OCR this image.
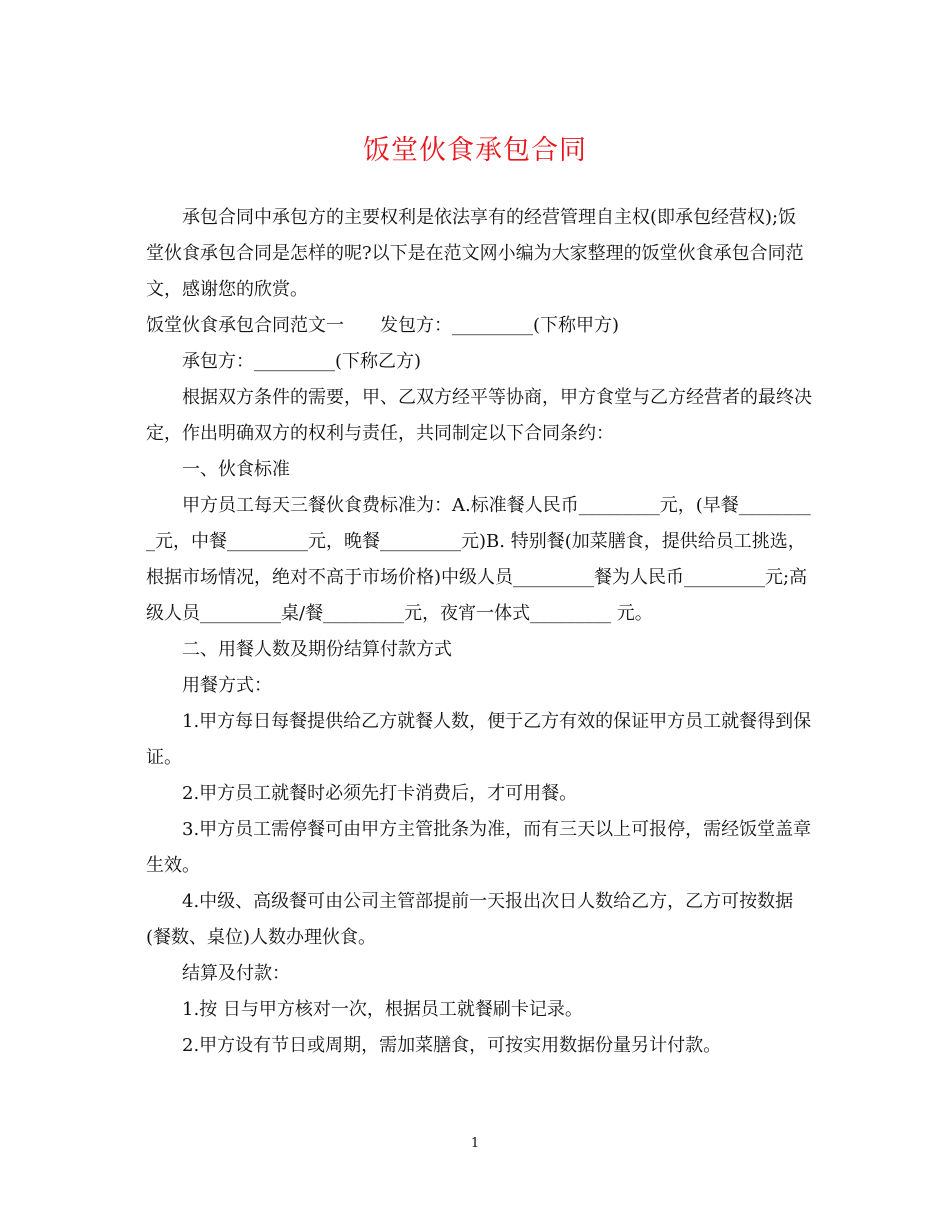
饭堂伙食承包合同

承包合同中承包方的主要权利是依法享有的经营管理自主权(即承包经营权);饭堂伙食承包合同是怎样的呢?以下是在范文网小编为大家整理的饭堂伙食承包合同范文，感谢您的欣赏。

饭堂伙食承包合同范文一　　发包方：_________(下称甲方)

承包方：_________(下称乙方)

根据双方条件的需要，甲、乙双方经平等协商，甲方食堂与乙方经营者的最终决定，作出明确双方的权利与责任，共同制定以下合同条约：

一、伙食标准

甲方员工每天三餐伙食费标准为：A.标准餐人民币_________元，(早餐_________元，中餐_________元，晚餐_________元)B. 特别餐(加菜膳食，提供给员工挑选，根据市场情况，绝对不高于市场价格)中级人员_________餐为人民币_________元;高级人员_________桌/餐_________元，夜宵一体式_________ 元。

二、用餐人数及期份结算付款方式

用餐方式：

1.甲方每日每餐提供给乙方就餐人数，便于乙方有效的保证甲方员工就餐得到保证。

2.甲方员工就餐时必须先打卡消费后，才可用餐。

3.甲方员工需停餐可由甲方主管批条为准，而有三天以上可报停，需经饭堂盖章生效。

4.中级、高级餐可由公司主管部提前一天报出次日人数给乙方，乙方可按数据(餐数、桌位)人数办理伙食。

结算及付款：

1.按 日与甲方核对一次，根据员工就餐刷卡记录。

2.甲方设有节日或周期，需加菜膳食，可按实用数据份量另计付款。

1
